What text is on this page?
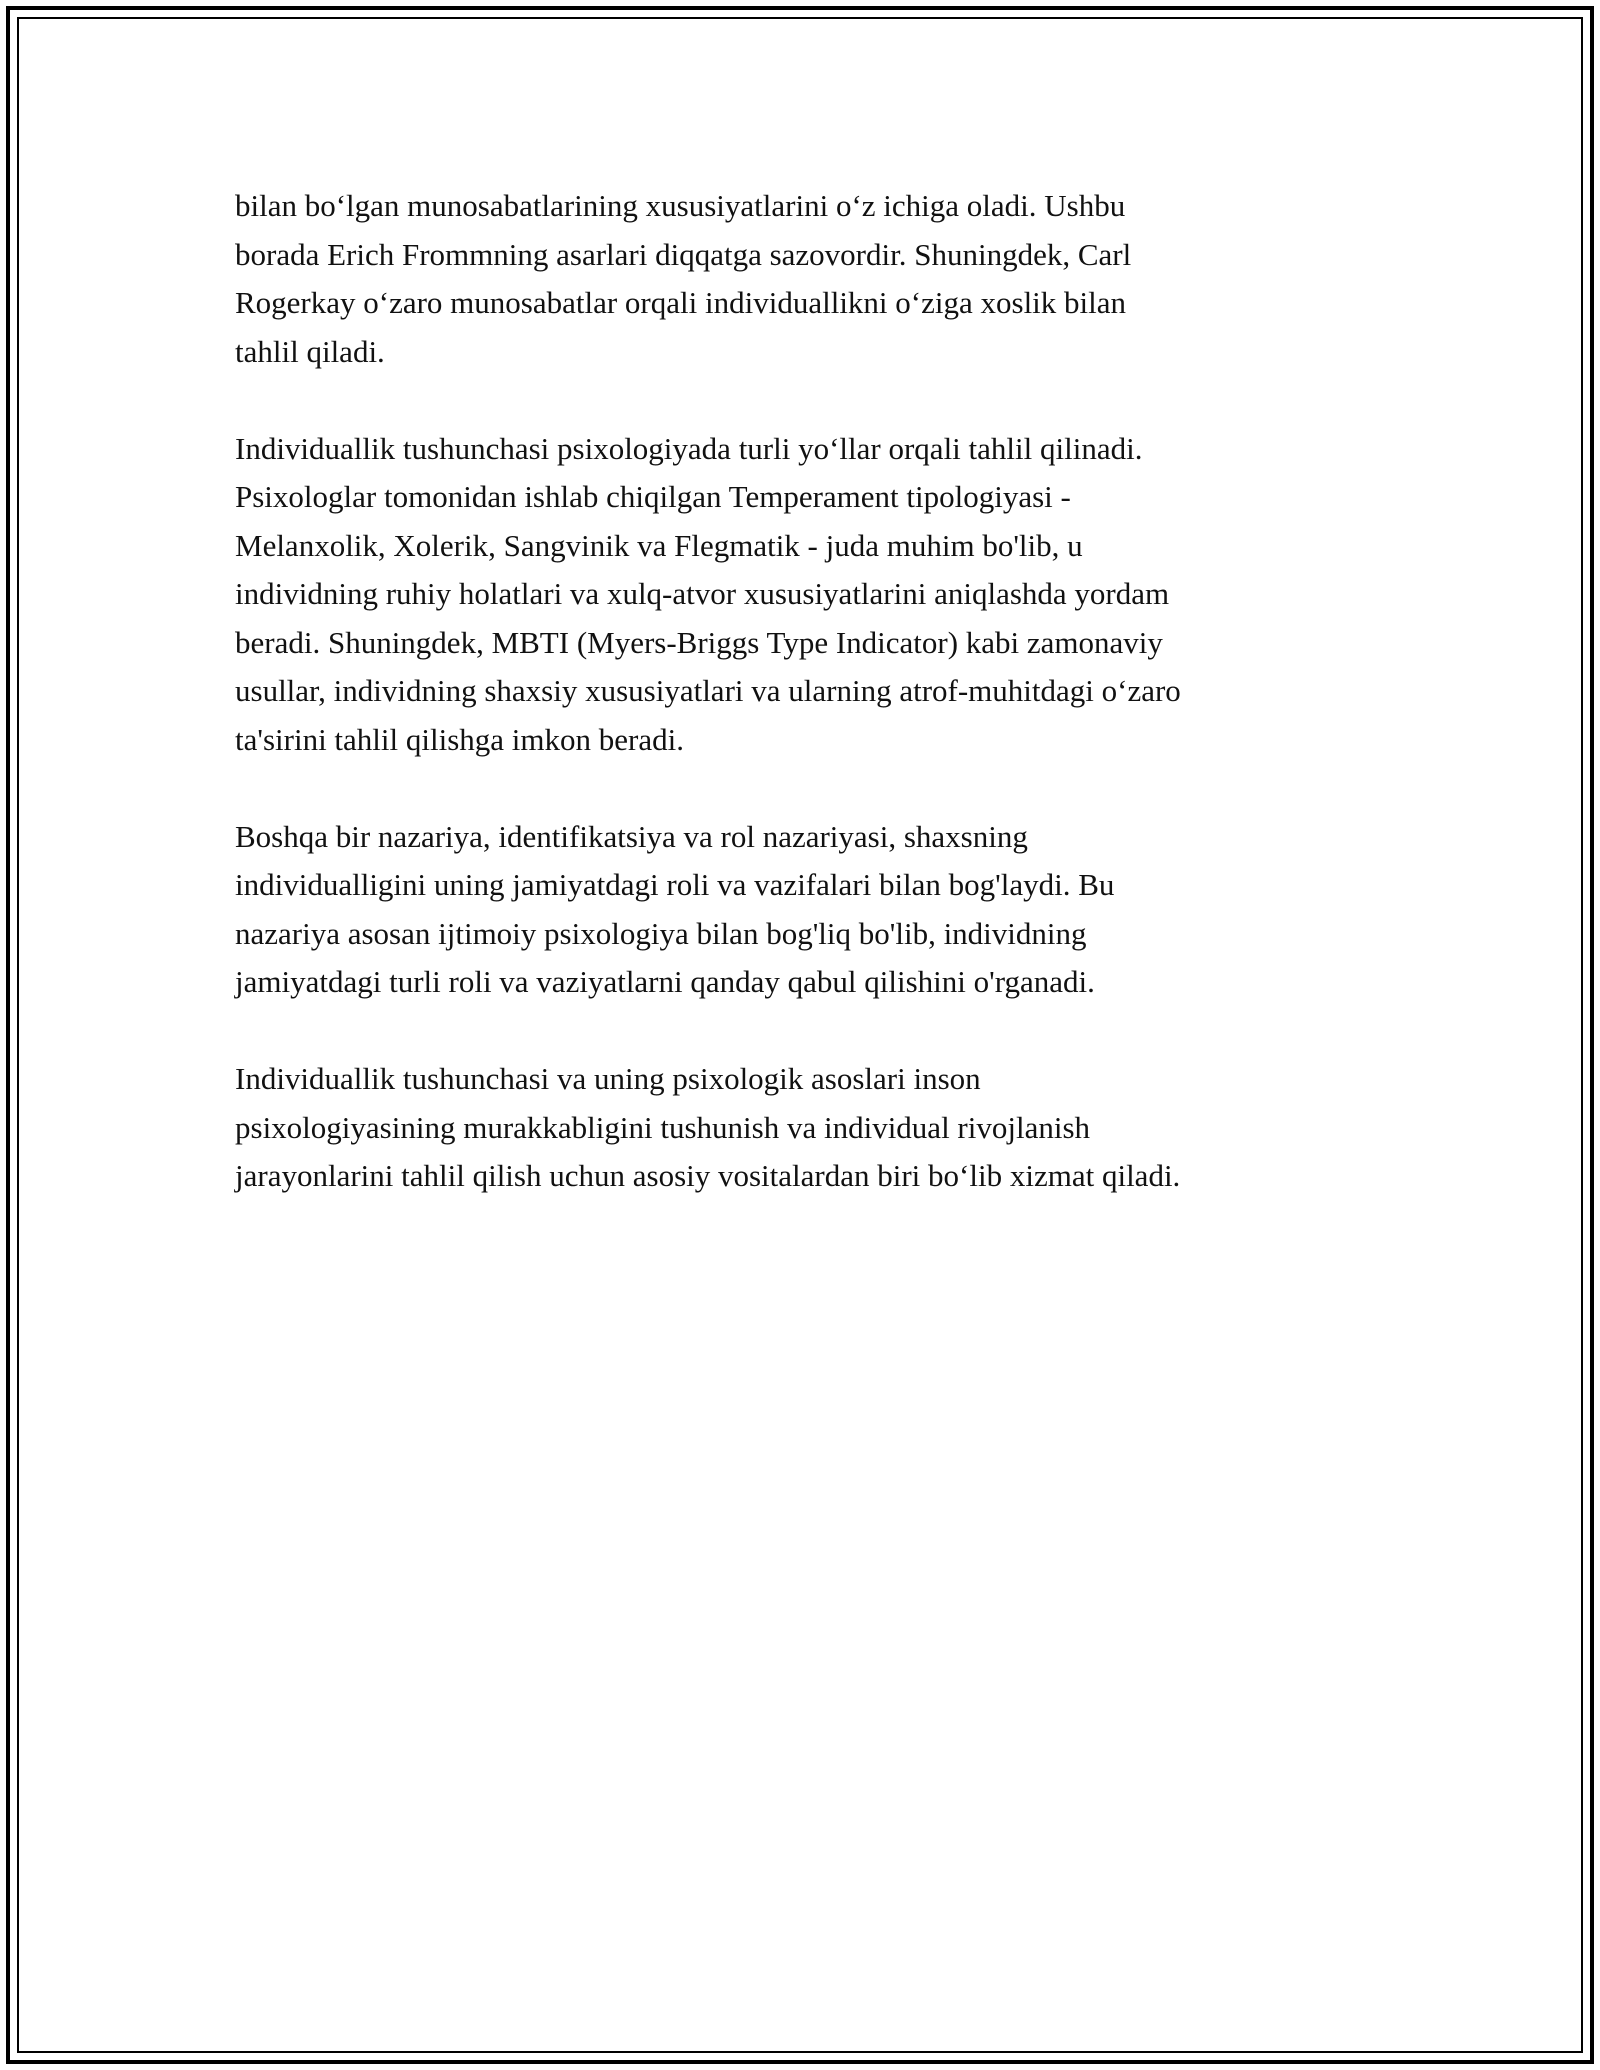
bilan bo‘lgan munosabatlarining xususiyatlarini o‘z ichiga oladi. Ushbu
borada Erich Frommning asarlari diqqatga sazovordir. Shuningdek, Carl
Rogerkay o‘zaro munosabatlar orqali individuallikni o‘ziga xoslik bilan
tahlil qiladi.

Individuallik tushunchasi psixologiyada turli yo‘llar orqali tahlil qilinadi.
Psixologlar tomonidan ishlab chiqilgan Temperament tipologiyasi -
Melanxolik, Xolerik, Sangvinik va Flegmatik - juda muhim bo'lib, u
individning ruhiy holatlari va xulq-atvor xususiyatlarini aniqlashda yordam
beradi. Shuningdek, MBTI (Myers-Briggs Type Indicator) kabi zamonaviy
usullar, individning shaxsiy xususiyatlari va ularning atrof-muhitdagi o‘zaro
ta'sirini tahlil qilishga imkon beradi.

Boshqa bir nazariya, identifikatsiya va rol nazariyasi, shaxsning
individualligini uning jamiyatdagi roli va vazifalari bilan bog'laydi. Bu
nazariya asosan ijtimoiy psixologiya bilan bog'liq bo'lib, individning
jamiyatdagi turli roli va vaziyatlarni qanday qabul qilishini o'rganadi.

Individuallik tushunchasi va uning psixologik asoslari inson
psixologiyasining murakkabligini tushunish va individual rivojlanish
jarayonlarini tahlil qilish uchun asosiy vositalardan biri bo‘lib xizmat qiladi.
